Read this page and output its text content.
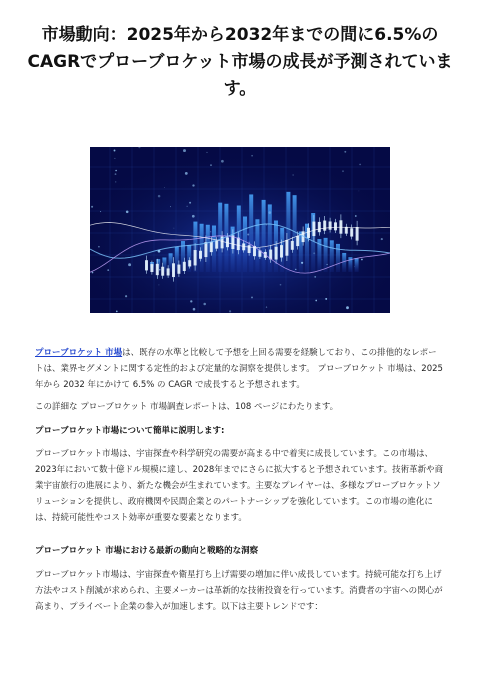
市場動向：2025年から2032年までの間に6.5%のCAGRでプローブロケット市場の成長が予測されています。

プローブロケット 市場は、既存の水準と比較して予想を上回る需要を経験しており、この排他的なレポートは、業界セグメントに関する定性的および定量的な洞察を提供します。 プローブロケット 市場は、2025 年から 2032 年にかけて 6.5% の CAGR で成長すると予想されます。

この詳細な プローブロケット 市場調査レポートは、108 ページにわたります。

プローブロケット市場について簡単に説明します:

プローブロケット市場は、宇宙探査や科学研究の需要が高まる中で着実に成長しています。この市場は、2023年において数十億ドル規模に達し、2028年までにさらに拡大すると予想されています。技術革新や商業宇宙旅行の進展により、新たな機会が生まれています。主要なプレイヤーは、多様なプローブロケットソリューションを提供し、政府機関や民間企業とのパートナーシップを強化しています。この市場の進化には、持続可能性やコスト効率が重要な要素となります。

プローブロケット 市場における最新の動向と戦略的な洞察

プローブロケット市場は、宇宙探査や衛星打ち上げ需要の増加に伴い成長しています。持続可能な打ち上げ方法やコスト削減が求められ、主要メーカーは革新的な技術投資を行っています。消費者の宇宙への関心が高まり、プライベート企業の参入が加速します。以下は主要トレンドです：
